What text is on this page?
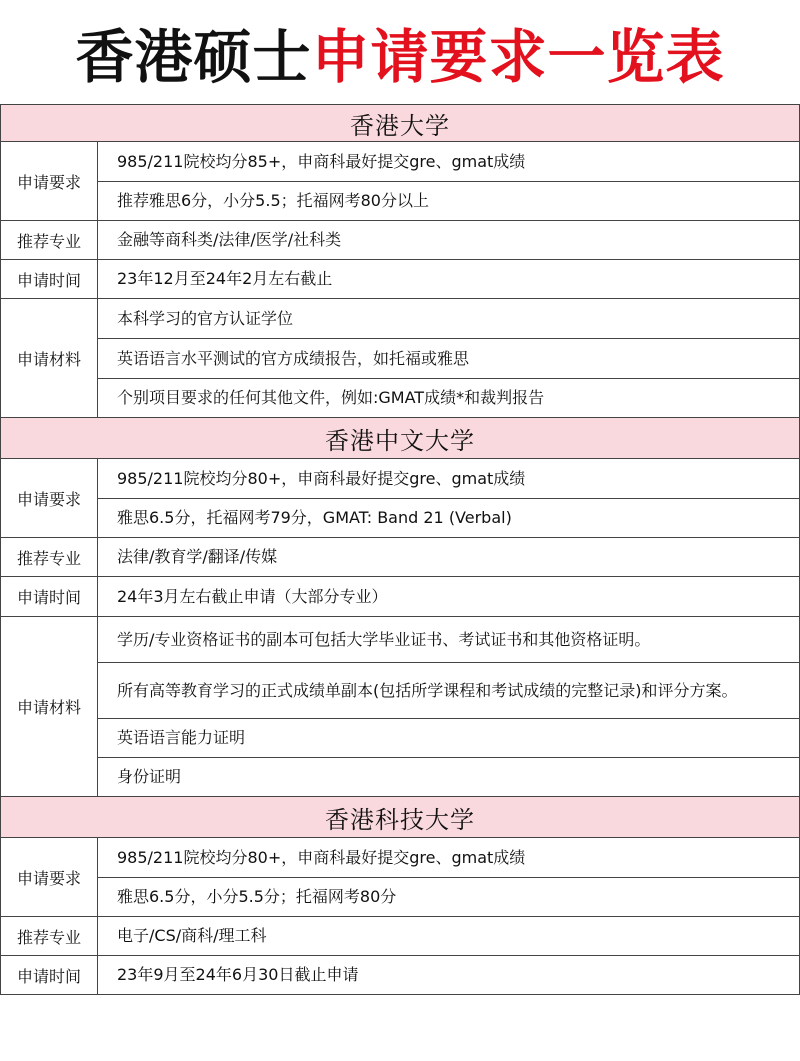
香港硕士 申请要求一览表
香港大学	
申请要求	985/211院校均分85+，申商科最好提交gre、gmat成绩
	推荐雅思6分，小分5.5；托福网考80分以上
推荐专业	金融等商科类/法律/医学/社科类
申请时间	23年12月至24年2月左右截止
申请材料	本科学习的官方认证学位
	英语语言水平测试的官方成绩报告，如托福或雅思
	个别项目要求的任何其他文件，例如:GMAT成绩*和裁判报告
香港中文大学	
申请要求	985/211院校均分80+，申商科最好提交gre、gmat成绩
	雅思6.5分，托福网考79分，GMAT: Band 21 (Verbal)
推荐专业	法律/教育学/翻译/传媒
申请时间	24年3月左右截止申请（大部分专业）
申请材料	学历/专业资格证书的副本可包括大学毕业证书、考试证书和其他资格证明。
	所有高等教育学习的正式成绩单副本(包括所学课程和考试成绩的完整记录)和评分方案。
	英语语言能力证明
	身份证明
香港科技大学	
申请要求	985/211院校均分80+，申商科最好提交gre、gmat成绩
	雅思6.5分，小分5.5分；托福网考80分
推荐专业	电子/CS/商科/理工科
申请时间	23年9月至24年6月30日截止申请
